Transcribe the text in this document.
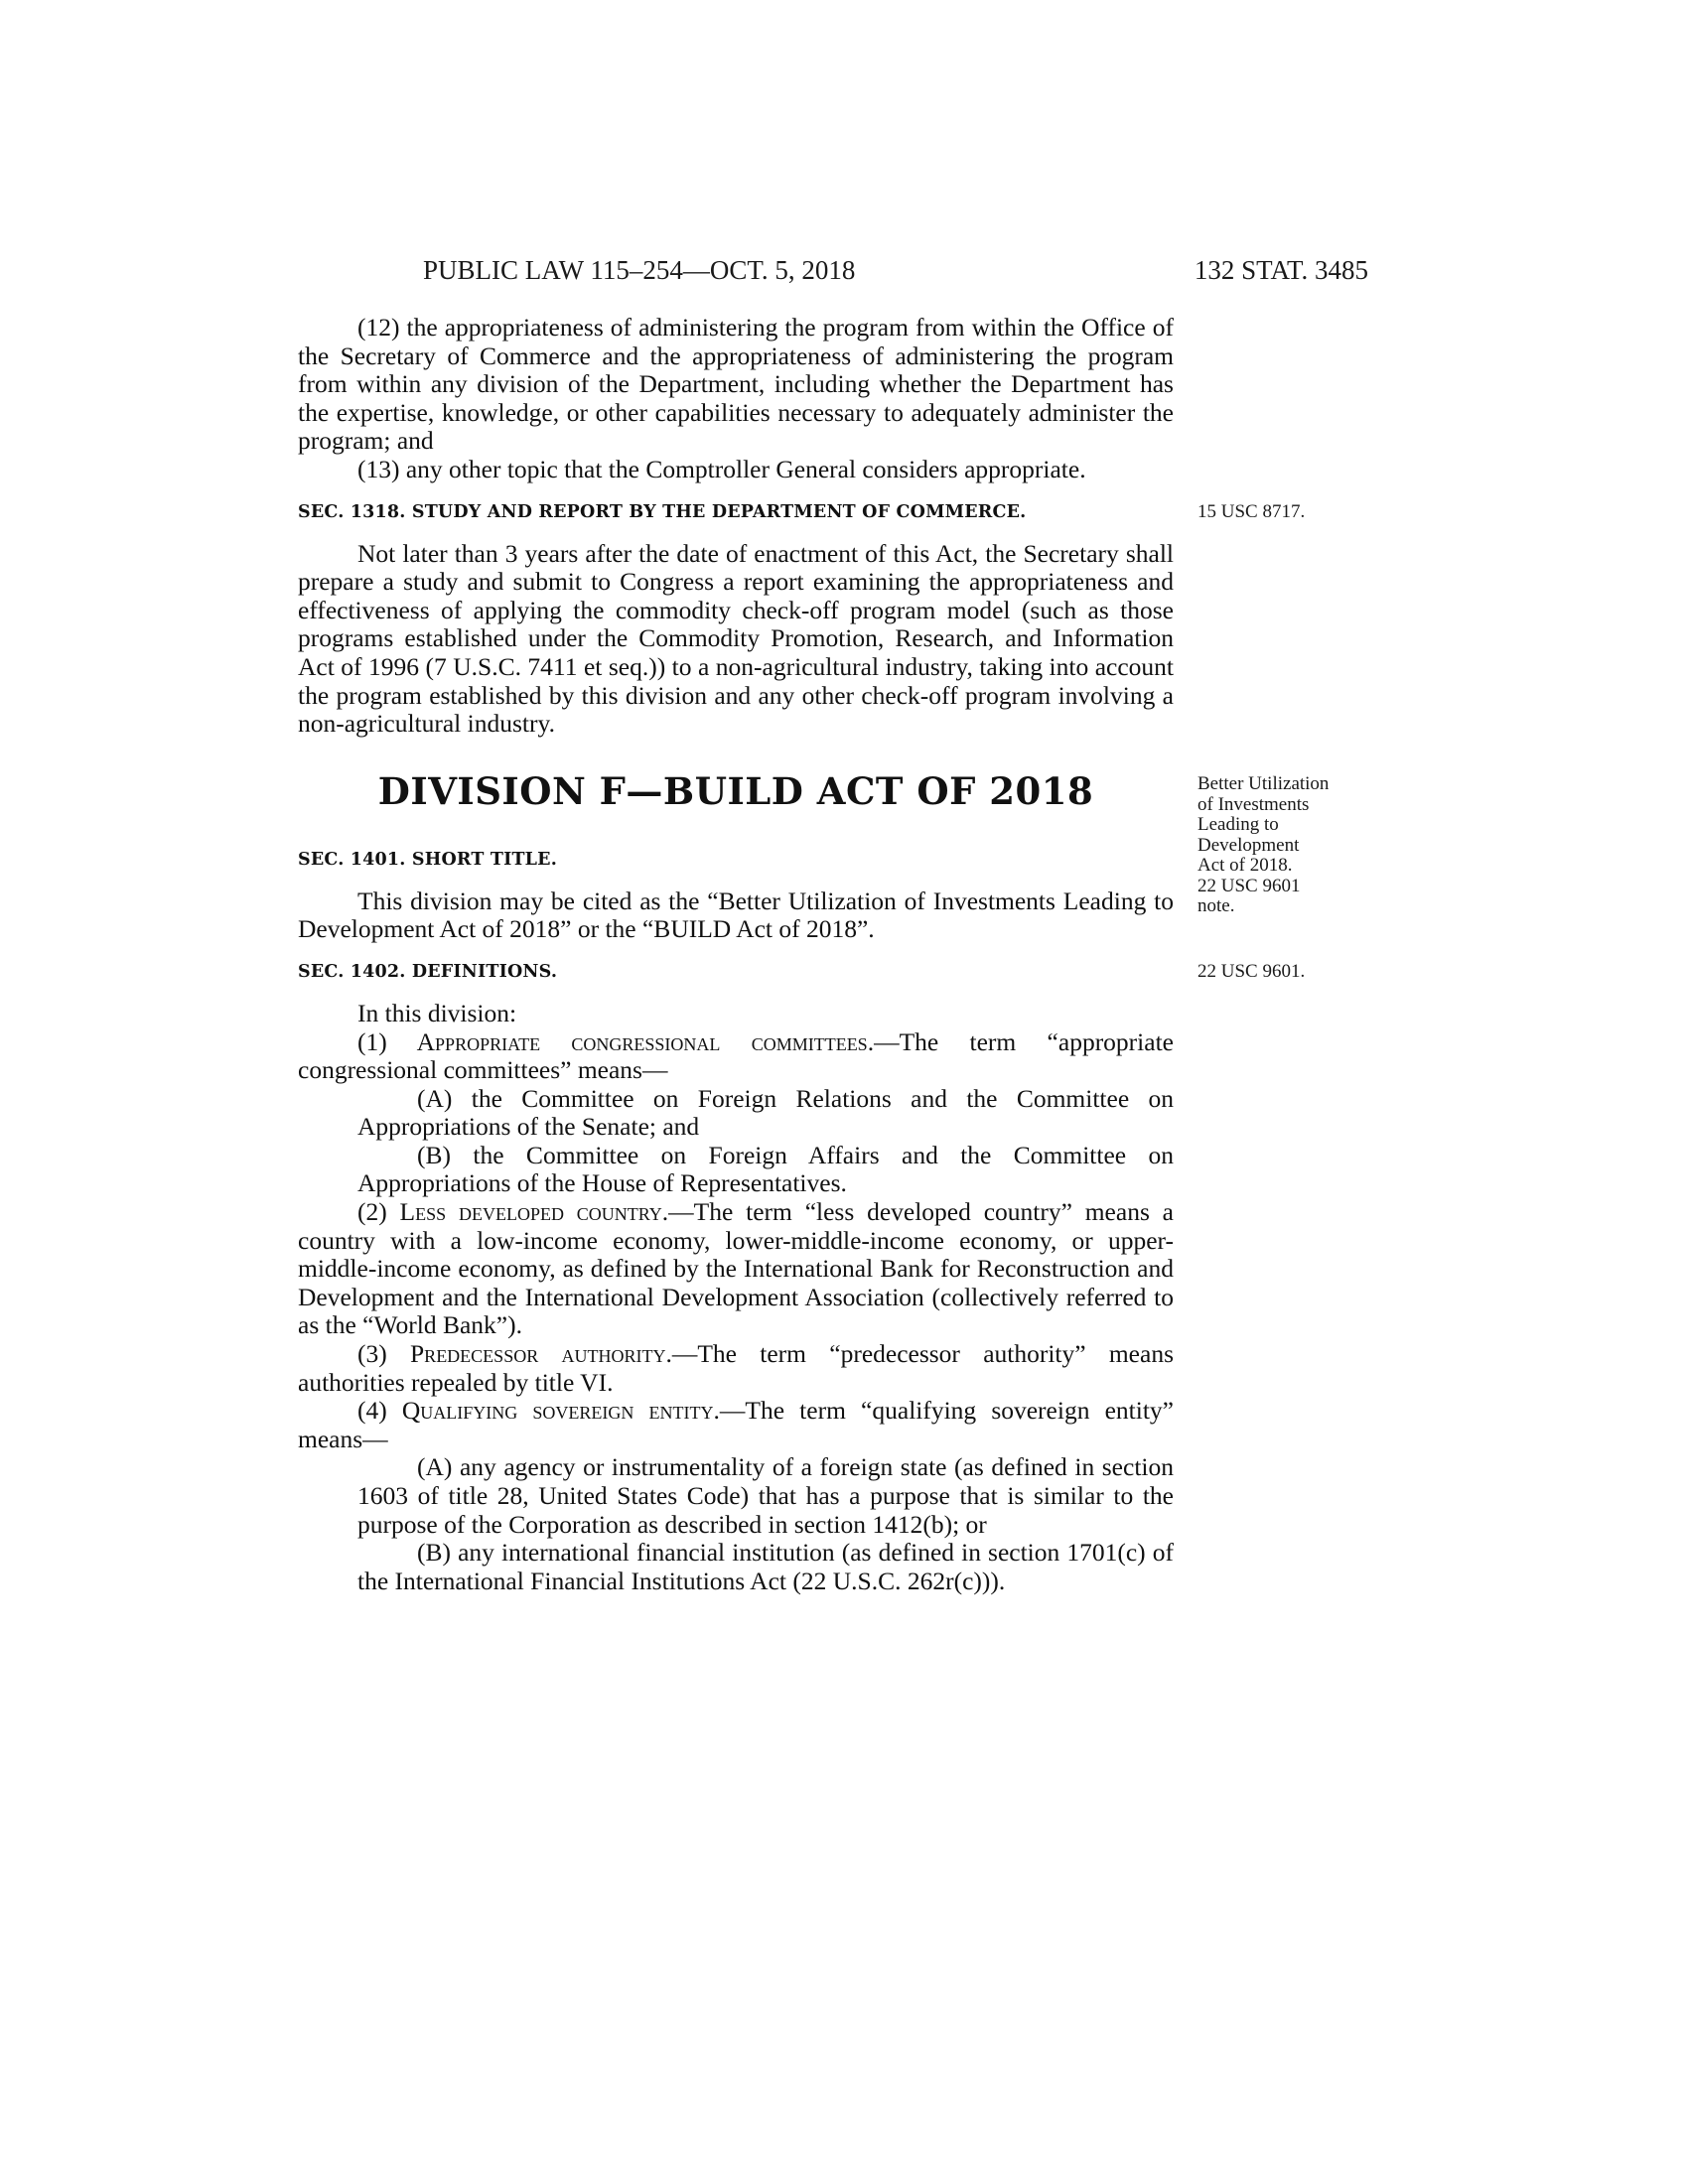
PUBLIC LAW 115–254—OCT. 5, 2018	132 STAT. 3485

(12) the appropriateness of administering the program from within the Office of the Secretary of Commerce and the appropriateness of administering the program from within any division of the Department, including whether the Department has the expertise, knowledge, or other capabilities necessary to adequately administer the program; and

(13) any other topic that the Comptroller General considers appropriate.

SEC. 1318. STUDY AND REPORT BY THE DEPARTMENT OF COMMERCE.

Not later than 3 years after the date of enactment of this Act, the Secretary shall prepare a study and submit to Congress a report examining the appropriateness and effectiveness of applying the commodity check-off program model (such as those programs established under the Commodity Promotion, Research, and Information Act of 1996 (7 U.S.C. 7411 et seq.)) to a non-agricultural industry, taking into account the program established by this division and any other check-off program involving a non-agricultural industry.

DIVISION F—BUILD ACT OF 2018
SEC. 1401. SHORT TITLE.

This division may be cited as the “Better Utilization of Investments Leading to Development Act of 2018” or the “BUILD Act of 2018”.

SEC. 1402. DEFINITIONS.

In this division:

(1) Appropriate congressional committees.—The term “appropriate congressional committees” means—

(A) the Committee on Foreign Relations and the Committee on Appropriations of the Senate; and

(B) the Committee on Foreign Affairs and the Committee on Appropriations of the House of Representatives.

(2) Less developed country.—The term “less developed country” means a country with a low-income economy, lower-middle-income economy, or upper-middle-income economy, as defined by the International Bank for Reconstruction and Development and the International Development Association (collectively referred to as the “World Bank”).

(3) Predecessor authority.—The term “predecessor authority” means authorities repealed by title VI.

(4) Qualifying sovereign entity.—The term “qualifying sovereign entity” means—

(A) any agency or instrumentality of a foreign state (as defined in section 1603 of title 28, United States Code) that has a purpose that is similar to the purpose of the Corporation as described in section 1412(b); or

(B) any international financial institution (as defined in section 1701(c) of the International Financial Institutions Act (22 U.S.C. 262r(c))).

15 USC 8717.
Better Utilization
of Investments
Leading to
Development
Act of 2018.
22 USC 9601
note.
22 USC 9601.
